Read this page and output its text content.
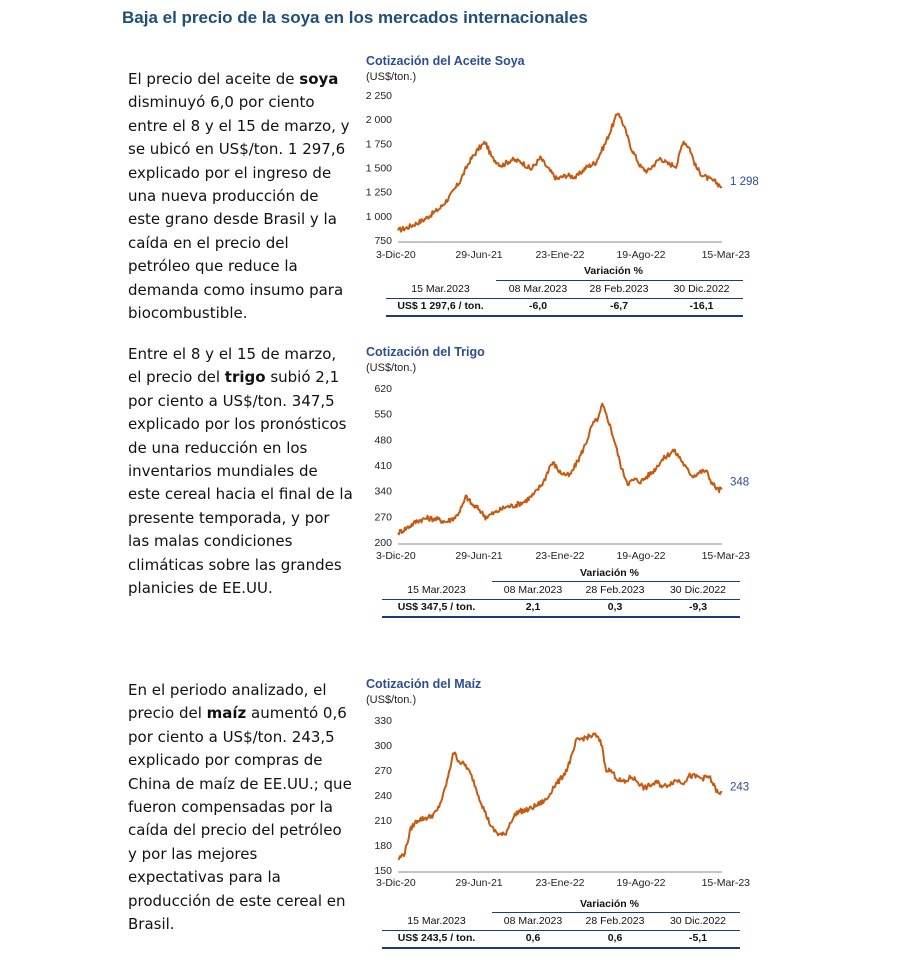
Baja el precio de la soya en los mercados internacionales
El precio del aceite de soya disminuyó 6,0 por ciento entre el 8 y el 15 de marzo, y se ubicó en US$/ton. 1 297,6 explicado por el ingreso de una nueva producción de este grano desde Brasil y la caída en el precio del petróleo que reduce la demanda como insumo para biocombustible.
Cotización del Aceite Soya
(US$/ton.)
750
1 000
1 250
1 500
1 750
2 000
2 250
3-Dic-20	29-Jun-21	23-Ene-22	19-Ago-22	15-Mar-23
1 298
Variación %
15 Mar.2023	08 Mar.2023	28 Feb.2023	30 Dic.2022
US$ 1 297,6 / ton.	-6,0	-6,7	-16,1
Entre el 8 y el 15 de marzo, el precio del trigo subió 2,1 por ciento a US$/ton. 347,5 explicado por los pronósticos de una reducción en los inventarios mundiales de este cereal hacia el final de la presente temporada, y por las malas condiciones climáticas sobre las grandes planicies de EE.UU.
Cotización del Trigo
(US$/ton.)
200
270
340
410
480
550
620
3-Dic-20	29-Jun-21	23-Ene-22	19-Ago-22	15-Mar-23
348
Variación %
15 Mar.2023	08 Mar.2023	28 Feb.2023	30 Dic.2022
US$ 347,5 / ton.	2,1	0,3	-9,3
En el periodo analizado, el precio del maíz aumentó 0,6 por ciento a US$/ton. 243,5 explicado por compras de China de maíz de EE.UU.; que fueron compensadas por la caída del precio del petróleo y por las mejores expectativas para la producción de este cereal en Brasil.
Cotización del Maíz
(US$/ton.)
150
180
210
240
270
300
330
3-Dic-20	29-Jun-21	23-Ene-22	19-Ago-22	15-Mar-23
243
Variación %
15 Mar.2023	08 Mar.2023	28 Feb.2023	30 Dic.2022
US$ 243,5 / ton.	0,6	0,6	-5,1
